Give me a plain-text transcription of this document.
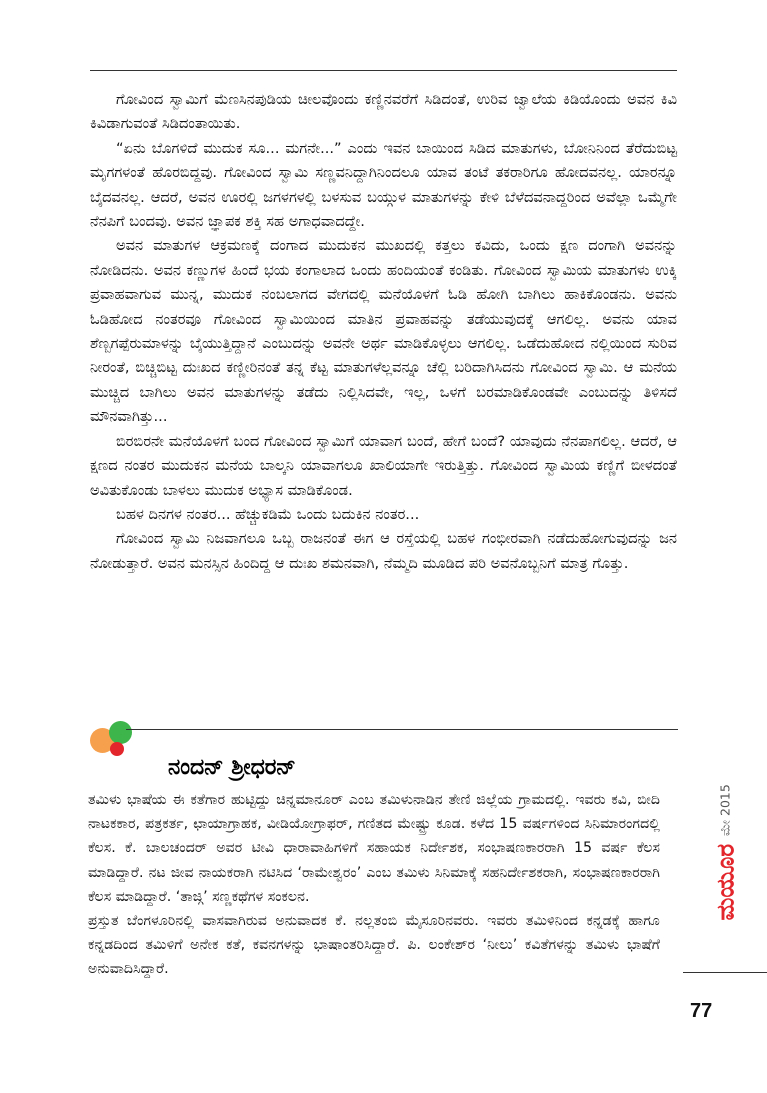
ಗೋವಿಂದ ಸ್ವಾಮಿಗೆ ಮೆಣಸಿನಪುಡಿಯ ಚೀಲವೊಂದು ಕಣ್ಣಿನವರೆಗೆ ಸಿಡಿದಂತೆ, ಉರಿವ ಜ್ವಾಲೆಯ ಕಿಡಿಯೊಂದು ಅವನ ಕಿವಿ ಕಿವಿಡಾಗುವಂತೆ ಸಿಡಿದಂತಾಯಿತು.

“ಏನು ಬೊಗಳಿದೆ ಮುದುಕ ಸೂ... ಮಗನೇ...” ಎಂದು ಇವನ ಬಾಯಿಂದ ಸಿಡಿದ ಮಾತುಗಳು, ಬೋನಿನಿಂದ ತೆರೆದುಬಿಟ್ಟ ಮೃಗಗಳಂತೆ ಹೊರಬಿದ್ದವು. ಗೋವಿಂದ ಸ್ವಾಮಿ ಸಣ್ಣವನಿದ್ದಾಗಿನಿಂದಲೂ ಯಾವ ತಂಟೆ ತಕರಾರಿಗೂ ಹೋದವನಲ್ಲ. ಯಾರನ್ನೂ ಬೈದವನಲ್ಲ. ಆದರೆ, ಅವನ ಊರಲ್ಲಿ ಜಗಳಗಳಲ್ಲಿ ಬಳಸುವ ಬಯ್ಗುಳ ಮಾತುಗಳನ್ನು ಕೇಳಿ ಬೆಳೆದವನಾದ್ದರಿಂದ ಅವೆಲ್ಲಾ ಒಮ್ಮೆಗೇ ನೆನಪಿಗೆ ಬಂದವು. ಅವನ ಜ್ಞಾಪಕ ಶಕ್ತಿ ಸಹ ಅಗಾಧವಾದದ್ದೇ.

ಅವನ ಮಾತುಗಳ ಆಕ್ರಮಣಕ್ಕೆ ದಂಗಾದ ಮುದುಕನ ಮುಖದಲ್ಲಿ ಕತ್ತಲು ಕವಿದು, ಒಂದು ಕ್ಷಣ ದಂಗಾಗಿ ಅವನನ್ನು ನೋಡಿದನು. ಅವನ ಕಣ್ಣುಗಳ ಹಿಂದೆ ಭಯ ಕಂಗಾಲಾದ ಒಂದು ಹಂದಿಯಂತೆ ಕಂಡಿತು. ಗೋವಿಂದ ಸ್ವಾಮಿಯ ಮಾತುಗಳು ಉಕ್ಕಿ ಪ್ರವಾಹವಾಗುವ ಮುನ್ನ, ಮುದುಕ ನಂಬಲಾಗದ ವೇಗದಲ್ಲಿ ಮನೆಯೊಳಗೆ ಓಡಿ ಹೋಗಿ ಬಾಗಿಲು ಹಾಕಿಕೊಂಡನು. ಅವನು ಓಡಿಹೋದ ನಂತರವೂ ಗೋವಿಂದ ಸ್ವಾಮಿಯಿಂದ ಮಾತಿನ ಪ್ರವಾಹವನ್ನು ತಡೆಯುವುದಕ್ಕೆ ಆಗಲಿಲ್ಲ. ಅವನು ಯಾವ ಶೆಣ್ಬಗಪ್ಪೆರುಮಾಳನ್ನು ಬೈಯುತ್ತಿದ್ದಾನೆ ಎಂಬುದನ್ನು ಅವನೇ ಅರ್ಥ ಮಾಡಿಕೊಳ್ಳಲು ಆಗಲಿಲ್ಲ. ಒಡೆದುಹೋದ ನಲ್ಲಿಯಿಂದ ಸುರಿವ ನೀರಂತೆ, ಬಿಚ್ಚಿಬಿಟ್ಟ ದುಃಖದ ಕಣ್ಣೀರಿನಂತೆ ತನ್ನ ಕೆಟ್ಟ ಮಾತುಗಳೆಲ್ಲವನ್ನೂ ಚೆಲ್ಲಿ ಬರಿದಾಗಿಸಿದನು ಗೋವಿಂದ ಸ್ವಾಮಿ. ಆ ಮನೆಯ ಮುಚ್ಚಿದ ಬಾಗಿಲು ಅವನ ಮಾತುಗಳನ್ನು ತಡೆದು ನಿಲ್ಲಿಸಿದವೇ, ಇಲ್ಲ, ಒಳಗೆ ಬರಮಾಡಿಕೊಂಡವೇ ಎಂಬುದನ್ನು ತಿಳಿಸದೆ ಮೌನವಾಗಿತ್ತು...

ಬಿರಬಿರನೇ ಮನೆಯೊಳಗೆ ಬಂದ ಗೋವಿಂದ ಸ್ವಾಮಿಗೆ ಯಾವಾಗ ಬಂದೆ, ಹೇಗೆ ಬಂದೆ? ಯಾವುದು ನೆನಪಾಗಲಿಲ್ಲ. ಆದರೆ, ಆ ಕ್ಷಣದ ನಂತರ ಮುದುಕನ ಮನೆಯ ಬಾಲ್ಕನಿ ಯಾವಾಗಲೂ ಖಾಲಿಯಾಗೇ ಇರುತ್ತಿತ್ತು. ಗೋವಿಂದ ಸ್ವಾಮಿಯ ಕಣ್ಣಿಗೆ ಬೀಳದಂತೆ ಅವಿತುಕೊಂಡು ಬಾಳಲು ಮುದುಕ ಅಭ್ಯಾಸ ಮಾಡಿಕೊಂಡ.

ಬಹಳ ದಿನಗಳ ನಂತರ... ಹೆಚ್ಚುಕಡಿಮೆ ಒಂದು ಬದುಕಿನ ನಂತರ...

ಗೋವಿಂದ ಸ್ವಾಮಿ ನಿಜವಾಗಲೂ ಒಬ್ಬ ರಾಜನಂತೆ ಈಗ ಆ ರಸ್ತೆಯಲ್ಲಿ ಬಹಳ ಗಂಭೀರವಾಗಿ ನಡೆದುಹೋಗುವುದನ್ನು ಜನ ನೋಡುತ್ತಾರೆ. ಅವನ ಮನಸ್ಸಿನ ಹಿಂದಿದ್ದ ಆ ದುಃಖ ಶಮನವಾಗಿ, ನೆಮ್ಮದಿ ಮೂಡಿದ ಪರಿ ಅವನೊಬ್ಬನಿಗೆ ಮಾತ್ರ ಗೊತ್ತು.

ನಂದನ್ ಶ್ರೀಧರನ್

ತಮಿಳು ಭಾಷೆಯ ಈ ಕತೆಗಾರ ಹುಟ್ಟಿದ್ದು ಚಿನ್ನಮಾನೂರ್ ಎಂಬ ತಮಿಳುನಾಡಿನ ತೇಣಿ ಜಿಲ್ಲೆಯ ಗ್ರಾಮದಲ್ಲಿ. ಇವರು ಕವಿ, ಬೀದಿ ನಾಟಕಕಾರ, ಪತ್ರಕರ್ತ, ಛಾಯಾಗ್ರಾಹಕ, ವೀಡಿಯೋಗ್ರಾಫರ್, ಗಣಿತದ ಮೇಷ್ಟ್ರು ಕೂಡ. ಕಳೆದ 15 ವರ್ಷಗಳಿಂದ ಸಿನಿಮಾರಂಗದಲ್ಲಿ ಕೆಲಸ. ಕೆ. ಬಾಲಚಂದರ್ ಅವರ ಟೀವಿ ಧಾರಾವಾಹಿಗಳಿಗೆ ಸಹಾಯಕ ನಿರ್ದೇಶಕ, ಸಂಭಾಷಣಕಾರರಾಗಿ 15 ವರ್ಷ ಕೆಲಸ ಮಾಡಿದ್ದಾರೆ. ನಟ ಜೀವ ನಾಯಕರಾಗಿ ನಟಿಸಿದ ‘ರಾಮೇಶ್ವರಂ’ ಎಂಬ ತಮಿಳು ಸಿನಿಮಾಕ್ಕೆ ಸಹನಿರ್ದೇಶಕರಾಗಿ, ಸಂಭಾಷಣಕಾರರಾಗಿ ಕೆಲಸ ಮಾಡಿದ್ದಾರೆ. ‘ತಾಜ್ಗಿ’ ಸಣ್ಣಕಥೆಗಳ ಸಂಕಲನ.

ಪ್ರಸ್ತುತ ಬೆಂಗಳೂರಿನಲ್ಲಿ ವಾಸವಾಗಿರುವ ಅನುವಾದಕ ಕೆ. ನಲ್ಲತಂಬಿ ಮೈಸೂರಿನವರು. ಇವರು ತಮಿಳಿನಿಂದ ಕನ್ನಡಕ್ಕೆ ಹಾಗೂ ಕನ್ನಡದಿಂದ ತಮಿಳಿಗೆ ಅನೇಕ ಕತೆ, ಕವನಗಳನ್ನು ಭಾಷಾಂತರಿಸಿದ್ದಾರೆ. ಪಿ. ಲಂಕೇಶ್‌ರ ‘ನೀಲು’ ಕವಿತೆಗಳನ್ನು ತಮಿಳು ಭಾಷೆಗೆ ಅನುವಾದಿಸಿದ್ದಾರೆ.

ಮಯೂರ
ಮೇ 2015
77
